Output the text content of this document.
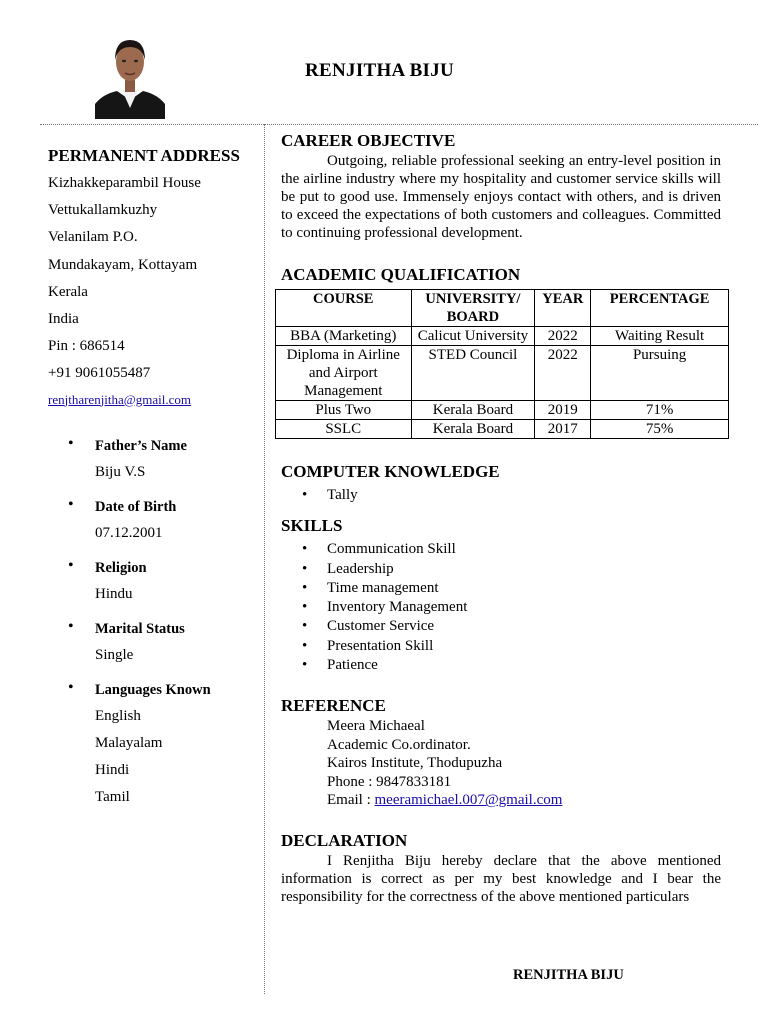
RENJITHA BIJU
PERMANENT ADDRESS
Kizhakkeparambil House
Vettukallamkuzhy
Velanilam P.O.
Mundakayam, Kottayam
Kerala
India
Pin : 686514
+91 9061055487
renjtharenjitha@gmail.com
• Father’s Name
Biju V.S
• Date of Birth
07.12.2001
• Religion
Hindu
• Marital Status
Single
• Languages Known
English
Malayalam
Hindi
Tamil
CAREER OBJECTIVE

Outgoing, reliable professional seeking an entry-level position in the airline industry where my hospitality and customer service skills will be put to good use. Immensely enjoys contact with others, and is driven to exceed the expectations of both customers and colleagues. Committed to continuing professional development.

ACADEMIC QUALIFICATION
COURSE	UNIVERSITY/ BOARD	YEAR	PERCENTAGE
BBA (Marketing)	Calicut University	2022	Waiting Result
Diploma in Airline and Airport Management	STED Council	2022	Pursuing
Plus Two	Kerala Board	2019	71%
SSLC	Kerala Board	2017	75%
COMPUTER KNOWLEDGE
• Tally
SKILLS
• Communication Skill
• Leadership
• Time management
• Inventory Management
• Customer Service
• Presentation Skill
• Patience
REFERENCE
Meera Michaeal
Academic Co.ordinator.
Kairos Institute, Thodupuzha
Phone : 9847833181
Email : meeramichael.007@gmail.com
DECLARATION

I Renjitha Biju hereby declare that the above mentioned information is correct as per my best knowledge and I bear the responsibility for the correctness of the above mentioned particulars

RENJITHA BIJU
